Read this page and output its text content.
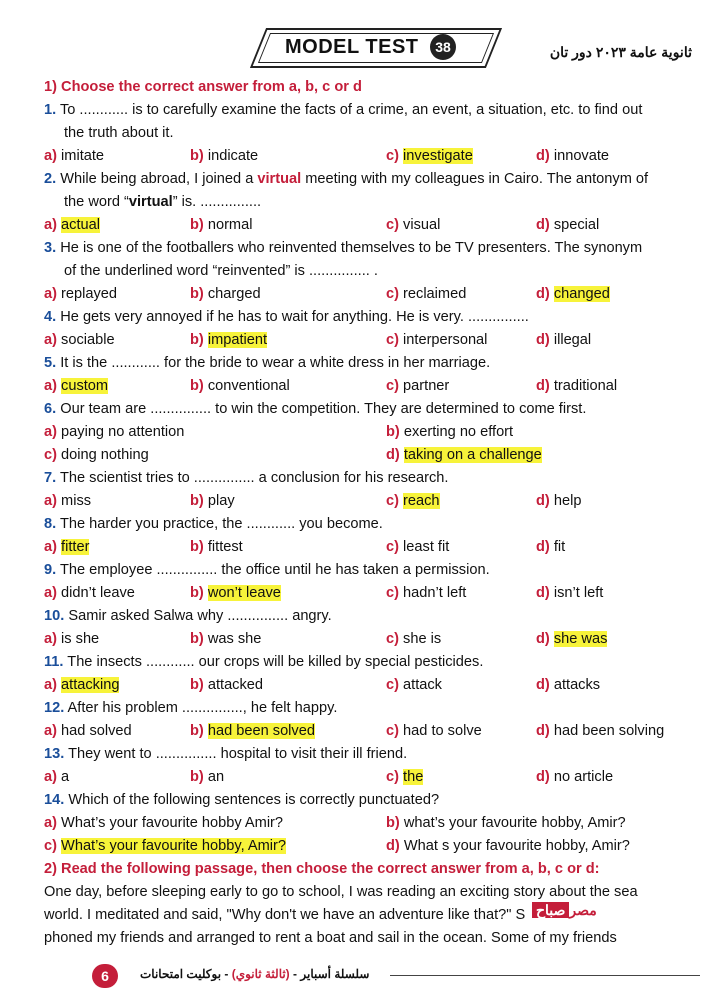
MODEL TEST	38	ثانوية عامة ٢٠٢٣ دور تان
1) Choose the correct answer from a, b, c or d
1. To ............ is to carefully examine the facts of a crime, an event, a situation, etc. to find out
the truth about it.
a) imitate	b) indicate	c) investigate	d) innovate
2. While being abroad, I joined a virtual meeting with my colleagues in Cairo. The antonym of
the word “virtual” is. ...............
a) actual	b) normal	c) visual	d) special
3. He is one of the footballers who reinvented themselves to be TV presenters. The synonym
of the underlined word “reinvented” is ............... .
a) replayed	b) charged	c) reclaimed	d) changed
4. He gets very annoyed if he has to wait for anything. He is very. ...............
a) sociable	b) impatient	c) interpersonal	d) illegal
5. It is the ............ for the bride to wear a white dress in her marriage.
a) custom	b) conventional	c) partner	d) traditional
6. Our team are ............... to win the competition. They are determined to come first.
a) paying no attention	b) exerting no effort
c) doing nothing	d) taking on a challenge
7. The scientist tries to ............... a conclusion for his research.
a) miss	b) play	c) reach	d) help
8. The harder you practice, the ............ you become.
a) fitter	b) fittest	c) least fit	d) fit
9. The employee ............... the office until he has taken a permission.
a) didn’t leave	b) won’t leave	c) hadn’t left	d) isn’t left
10. Samir asked Salwa why ............... angry.
a) is she	b) was she	c) she is	d) she was
11. The insects ............ our crops will be killed by special pesticides.
a) attacking	b) attacked	c) attack	d) attacks
12. After his problem ..............., he felt happy.
a) had solved	b) had been solved	c) had to solve	d) had been solving
13. They went to ............... hospital to visit their ill friend.
a) a	b) an	c) the	d) no article
14. Which of the following sentences is correctly punctuated?
a) What’s your favourite hobby Amir?	b) what’s your favourite hobby, Amir?
c) What’s your favourite hobby, Amir?	d) What s your favourite hobby, Amir?
2) Read the following passage, then choose the correct answer from a, b, c or d:
One day, before sleeping early to go to school, I was reading an exciting story about the sea
world. I meditated and said, "Why don't we have an adventure like that?" S
phoned my friends and arranged to rent a boat and sail in the ocean. Some of my friends
مصرصباح
6	سلسلة أسباير - (ثالثة ثانوي) - بوكليت امتحانات
